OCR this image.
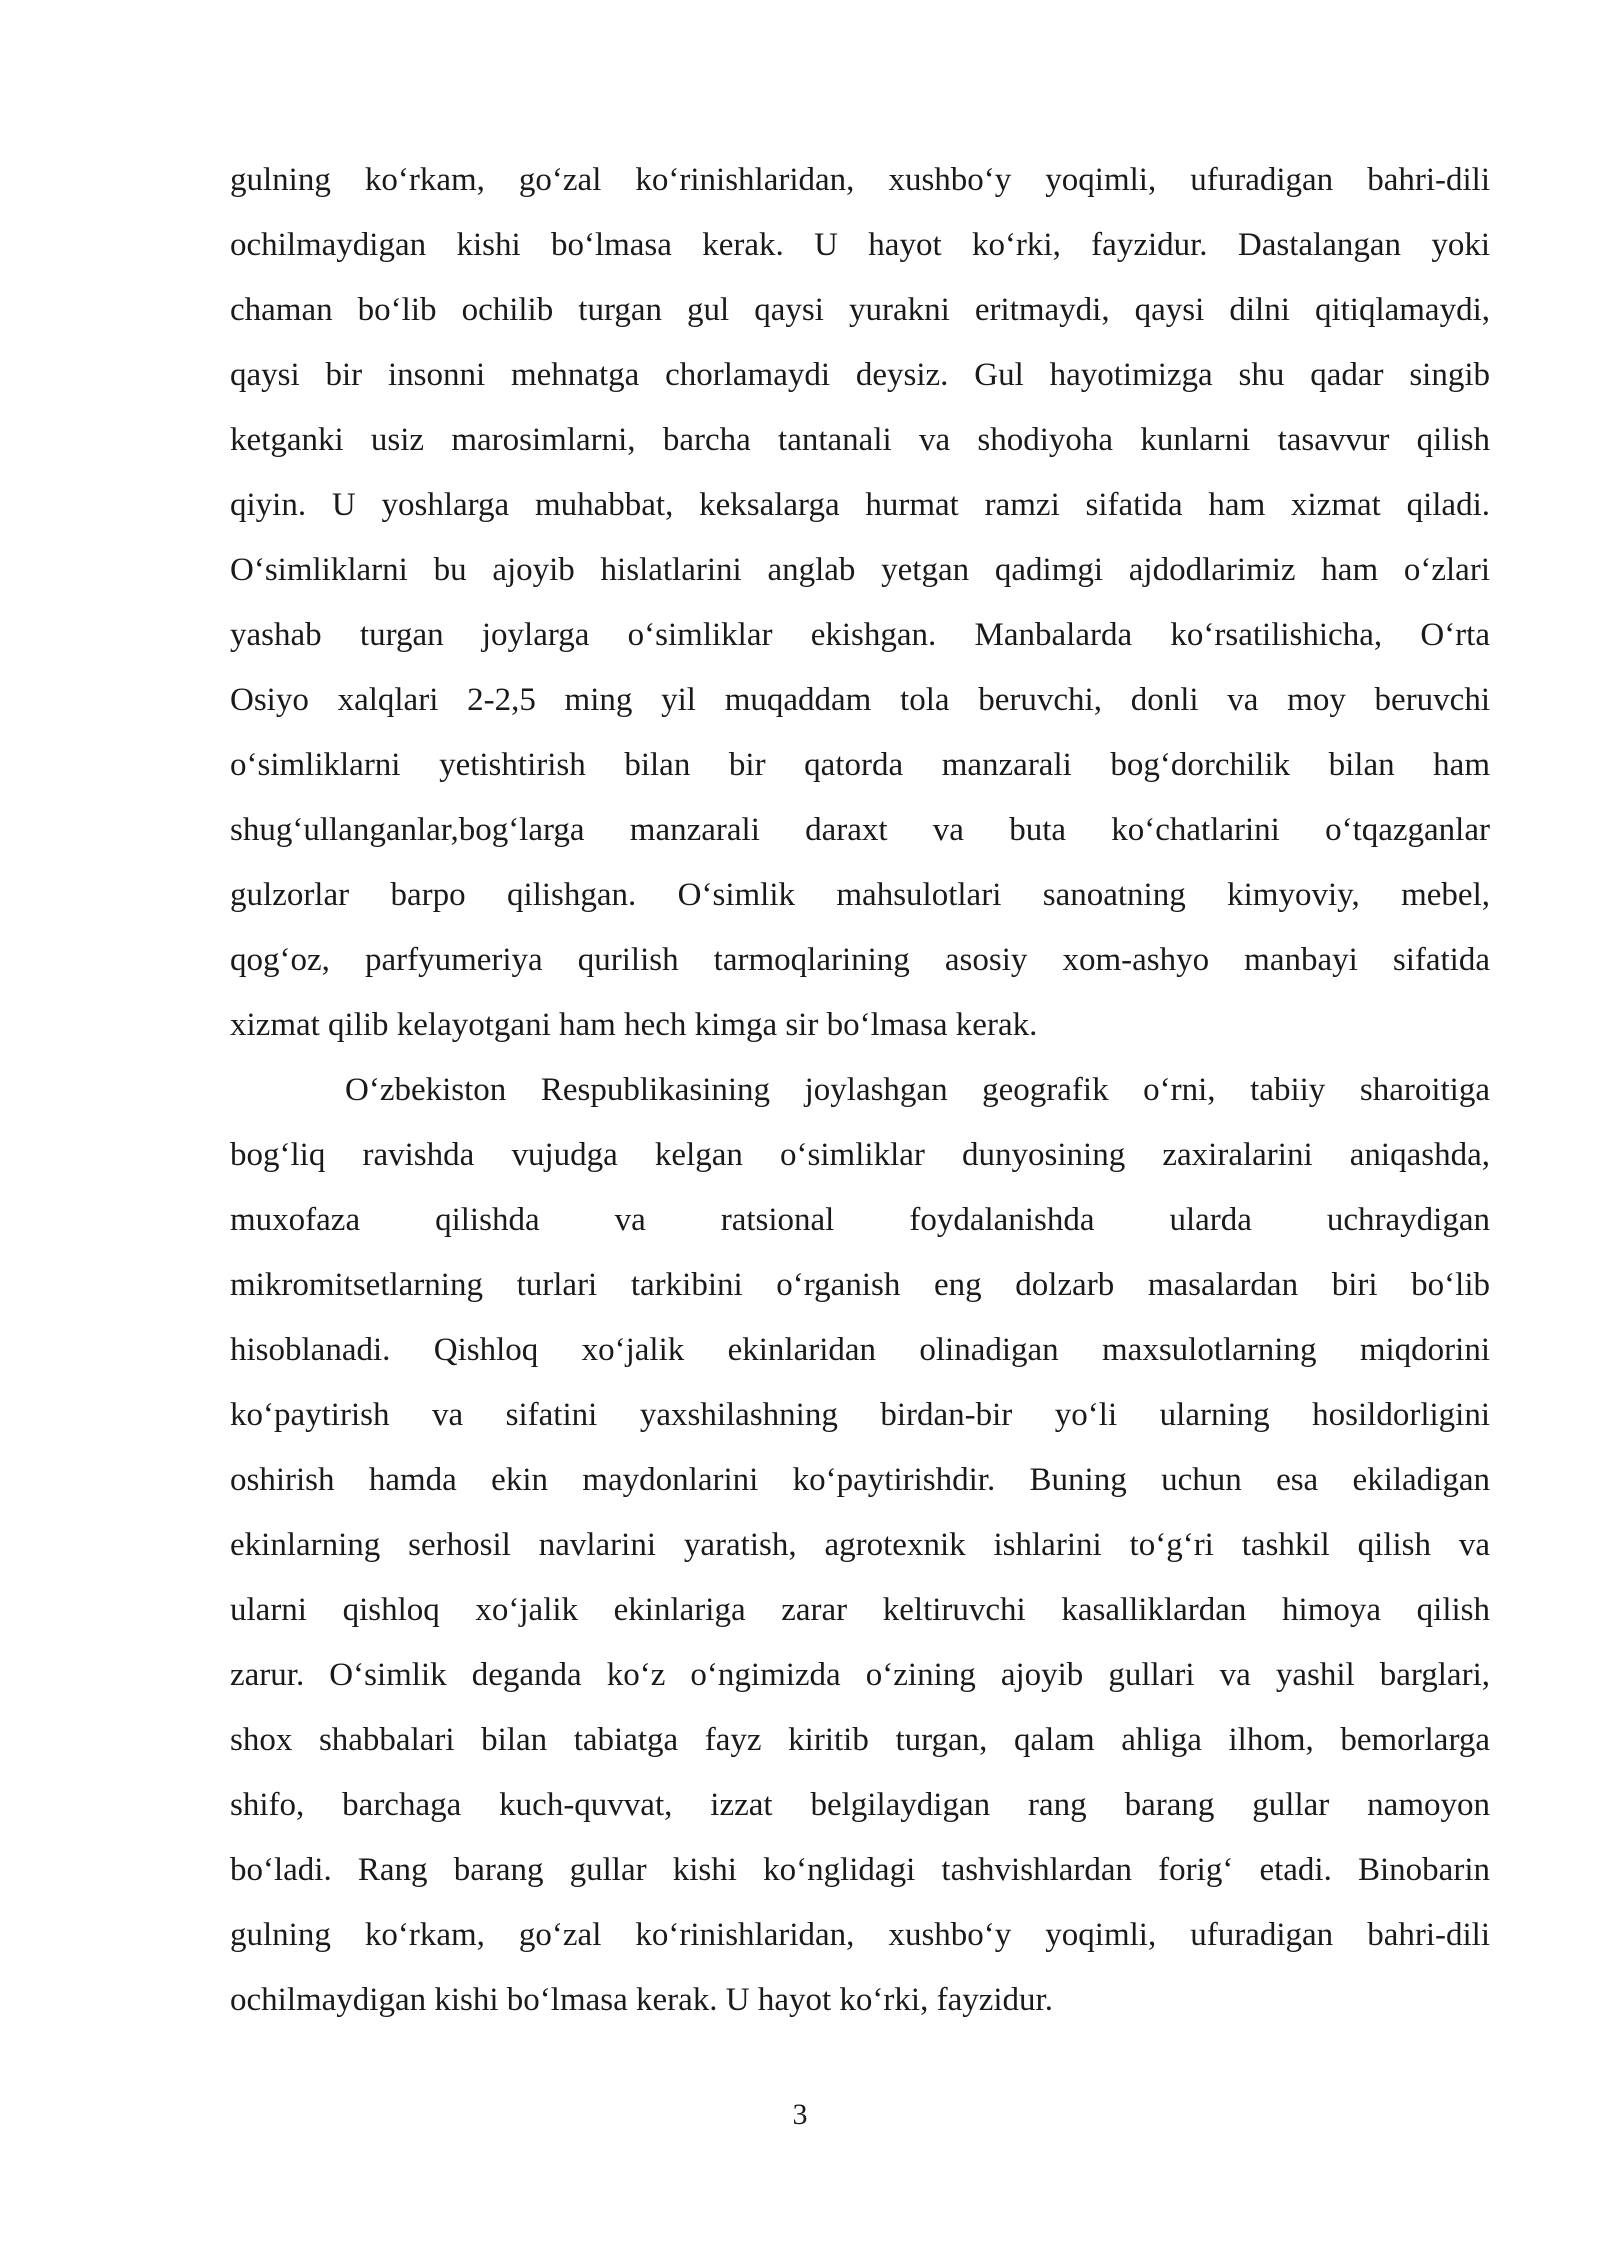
gulning ko‘rkam, go‘zal ko‘rinishlaridan, xushbo‘y yoqimli, ufuradigan bahri-dili
ochilmaydigan kishi bo‘lmasa kerak. U hayot ko‘rki, fayzidur. Dastalangan yoki
chaman bo‘lib ochilib turgan gul qaysi yurakni eritmaydi, qaysi dilni qitiqlamaydi,
qaysi bir insonni mehnatga chorlamaydi deysiz. Gul hayotimizga shu qadar singib
ketganki usiz marosimlarni, barcha tantanali va shodiyoha kunlarni tasavvur qilish
qiyin. U yoshlarga muhabbat, keksalarga hurmat ramzi sifatida ham xizmat qiladi.
O‘simliklarni bu ajoyib hislatlarini anglab yetgan qadimgi ajdodlarimiz ham o‘zlari
yashab turgan joylarga o‘simliklar ekishgan. Manbalarda ko‘rsatilishicha, O‘rta
Osiyo xalqlari 2-2,5 ming yil muqaddam tola beruvchi, donli va moy beruvchi
o‘simliklarni yetishtirish bilan bir qatorda manzarali bog‘dorchilik bilan ham
shug‘ullanganlar,bog‘larga manzarali daraxt va buta ko‘chatlarini o‘tqazganlar
gulzorlar barpo qilishgan. O‘simlik mahsulotlari sanoatning kimyoviy, mebel,
qog‘oz, parfyumeriya qurilish tarmoqlarining asosiy xom-ashyo manbayi sifatida
xizmat qilib kelayotgani ham hech kimga sir bo‘lmasa kerak.
O‘zbekiston Respublikasining joylashgan geografik o‘rni, tabiiy sharoitiga
bog‘liq ravishda vujudga kelgan o‘simliklar dunyosining zaxiralarini aniqashda,
muxofaza qilishda va ratsional foydalanishda ularda uchraydigan
mikromitsetlarning turlari tarkibini o‘rganish eng dolzarb masalardan biri bo‘lib
hisoblanadi. Qishloq xo‘jalik ekinlaridan olinadigan maxsulotlarning miqdorini
ko‘paytirish va sifatini yaxshilashning birdan-bir yo‘li ularning hosildorligini
oshirish hamda ekin maydonlarini ko‘paytirishdir. Buning uchun esa ekiladigan
ekinlarning serhosil navlarini yaratish, agrotexnik ishlarini to‘g‘ri tashkil qilish va
ularni qishloq xo‘jalik ekinlariga zarar keltiruvchi kasalliklardan himoya qilish
zarur. O‘simlik deganda ko‘z o‘ngimizda o‘zining ajoyib gullari va yashil barglari,
shox shabbalari bilan tabiatga fayz kiritib turgan, qalam ahliga ilhom, bemorlarga
shifo, barchaga kuch-quvvat, izzat belgilaydigan rang barang gullar namoyon
bo‘ladi. Rang barang gullar kishi ko‘nglidagi tashvishlardan forig‘ etadi. Binobarin
gulning ko‘rkam, go‘zal ko‘rinishlaridan, xushbo‘y yoqimli, ufuradigan bahri-dili
ochilmaydigan kishi bo‘lmasa kerak. U hayot ko‘rki, fayzidur.
3
